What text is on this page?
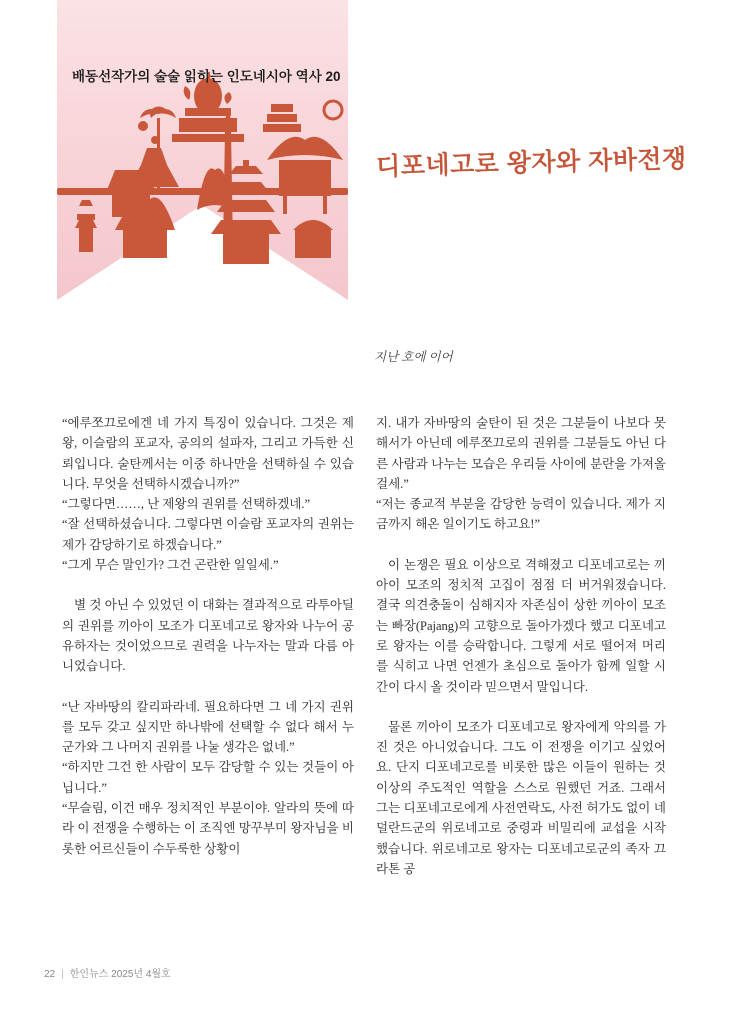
배동선작가의 술술 읽히는 인도네시아 역사 20
디포네고로 왕자와 자바전쟁
지난 호에 이어

“에루쪼끄로에겐 네 가지 특징이 있습니다. 그것은 제왕, 이슬람의 포교자, 공의의 설파자, 그리고 가득한 신뢰입니다. 술탄께서는 이중 하나만을 선택하실 수 있습니다. 무엇을 선택하시겠습니까?”

“그렇다면……, 난 제왕의 권위를 선택하겠네.”

“잘 선택하셨습니다. 그렇다면 이슬람 포교자의 권위는 제가 감당하기로 하겠습니다.”

“그게 무슨 말인가? 그건 곤란한 일일세.”

별 것 아닌 수 있었던 이 대화는 결과적으로 라투아딜의 권위를 끼아이 모조가 디포네고로 왕자와 나누어 공유하자는 것이었으므로 권력을 나누자는 말과 다름 아니었습니다.

“난 자바땅의 칼리파라네. 필요하다면 그 네 가지 권위를 모두 갖고 싶지만 하나밖에 선택할 수 없다 해서 누군가와 그 나머지 권위를 나눌 생각은 없네.”

“하지만 그건 한 사람이 모두 감당할 수 있는 것들이 아닙니다.”

“무슬림, 이건 매우 정치적인 부분이야. 알라의 뜻에 따라 이 전쟁을 수행하는 이 조직엔 망꾸부미 왕자님을 비롯한 어르신들이 수두룩한 상황이

지. 내가 자바땅의 술탄이 된 것은 그분들이 나보다 못해서가 아닌데 에루쪼끄로의 권위를 그분들도 아닌 다른 사람과 나누는 모습은 우리들 사이에 분란을 가져올 걸세.”

“저는 종교적 부분을 감당한 능력이 있습니다. 제가 지금까지 해온 일이기도 하고요!”

이 논쟁은 필요 이상으로 격해졌고 디포네고로는 끼아이 모조의 정치적 고집이 점점 더 버거워졌습니다. 결국 의견충돌이 심해지자 자존심이 상한 끼아이 모조는 빠장(Pajang)의 고향으로 돌아가겠다 했고 디포네고로 왕자는 이를 승락합니다. 그렇게 서로 떨어져 머리를 식히고 나면 언젠가 초심으로 돌아가 함께 일할 시간이 다시 올 것이라 믿으면서 말입니다.

물론 끼아이 모조가 디포네고로 왕자에게 악의를 가진 것은 아니었습니다. 그도 이 전쟁을 이기고 싶었어요. 단지 디포네고로를 비롯한 많은 이들이 원하는 것 이상의 주도적인 역할을 스스로 원했던 거죠. 그래서 그는 디포네고로에게 사전연락도, 사전 허가도 없이 네덜란드군의 위로네고로 중령과 비밀리에 교섭을 시작했습니다. 위로네고로 왕자는 디포네고로군의 족자 끄라톤 공

22 | 한인뉴스 2025년 4월호
